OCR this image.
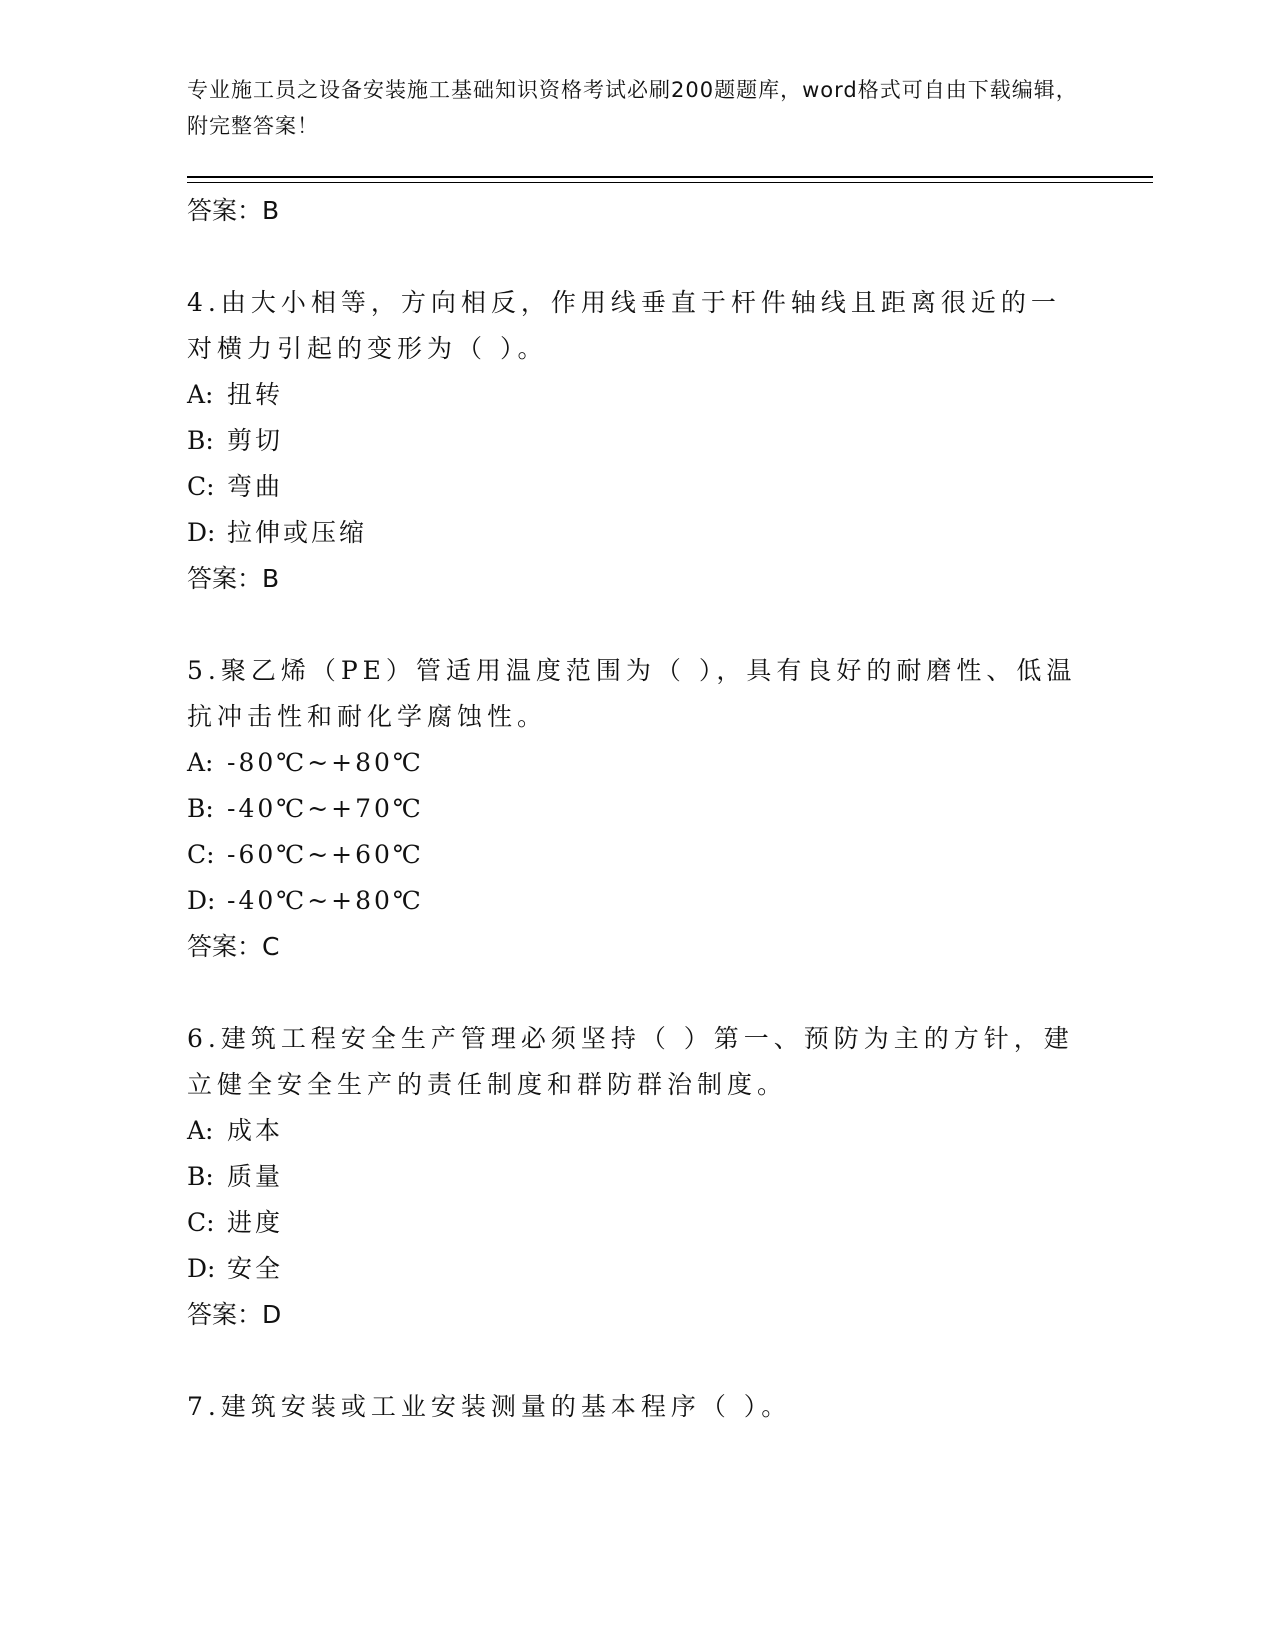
专业施工员之设备安装施工基础知识资格考试必刷200题题库，word格式可自由下载编辑，附完整答案！
答案：B
4.由大小相等，方向相反，作用线垂直于杆件轴线且距离很近的一对横力引起的变形为（ ）。
A: 扭转
B: 剪切
C: 弯曲
D: 拉伸或压缩
答案：B
5.聚乙烯（PE）管适用温度范围为（ ），具有良好的耐磨性、低温抗冲击性和耐化学腐蚀性。
A: -80℃~+80℃
B: -40℃~+70℃
C: -60℃~+60℃
D: -40℃~+80℃
答案：C
6.建筑工程安全生产管理必须坚持（ ）第一、预防为主的方针，建立健全安全生产的责任制度和群防群治制度。
A: 成本
B: 质量
C: 进度
D: 安全
答案：D
7.建筑安装或工业安装测量的基本程序（ ）。
